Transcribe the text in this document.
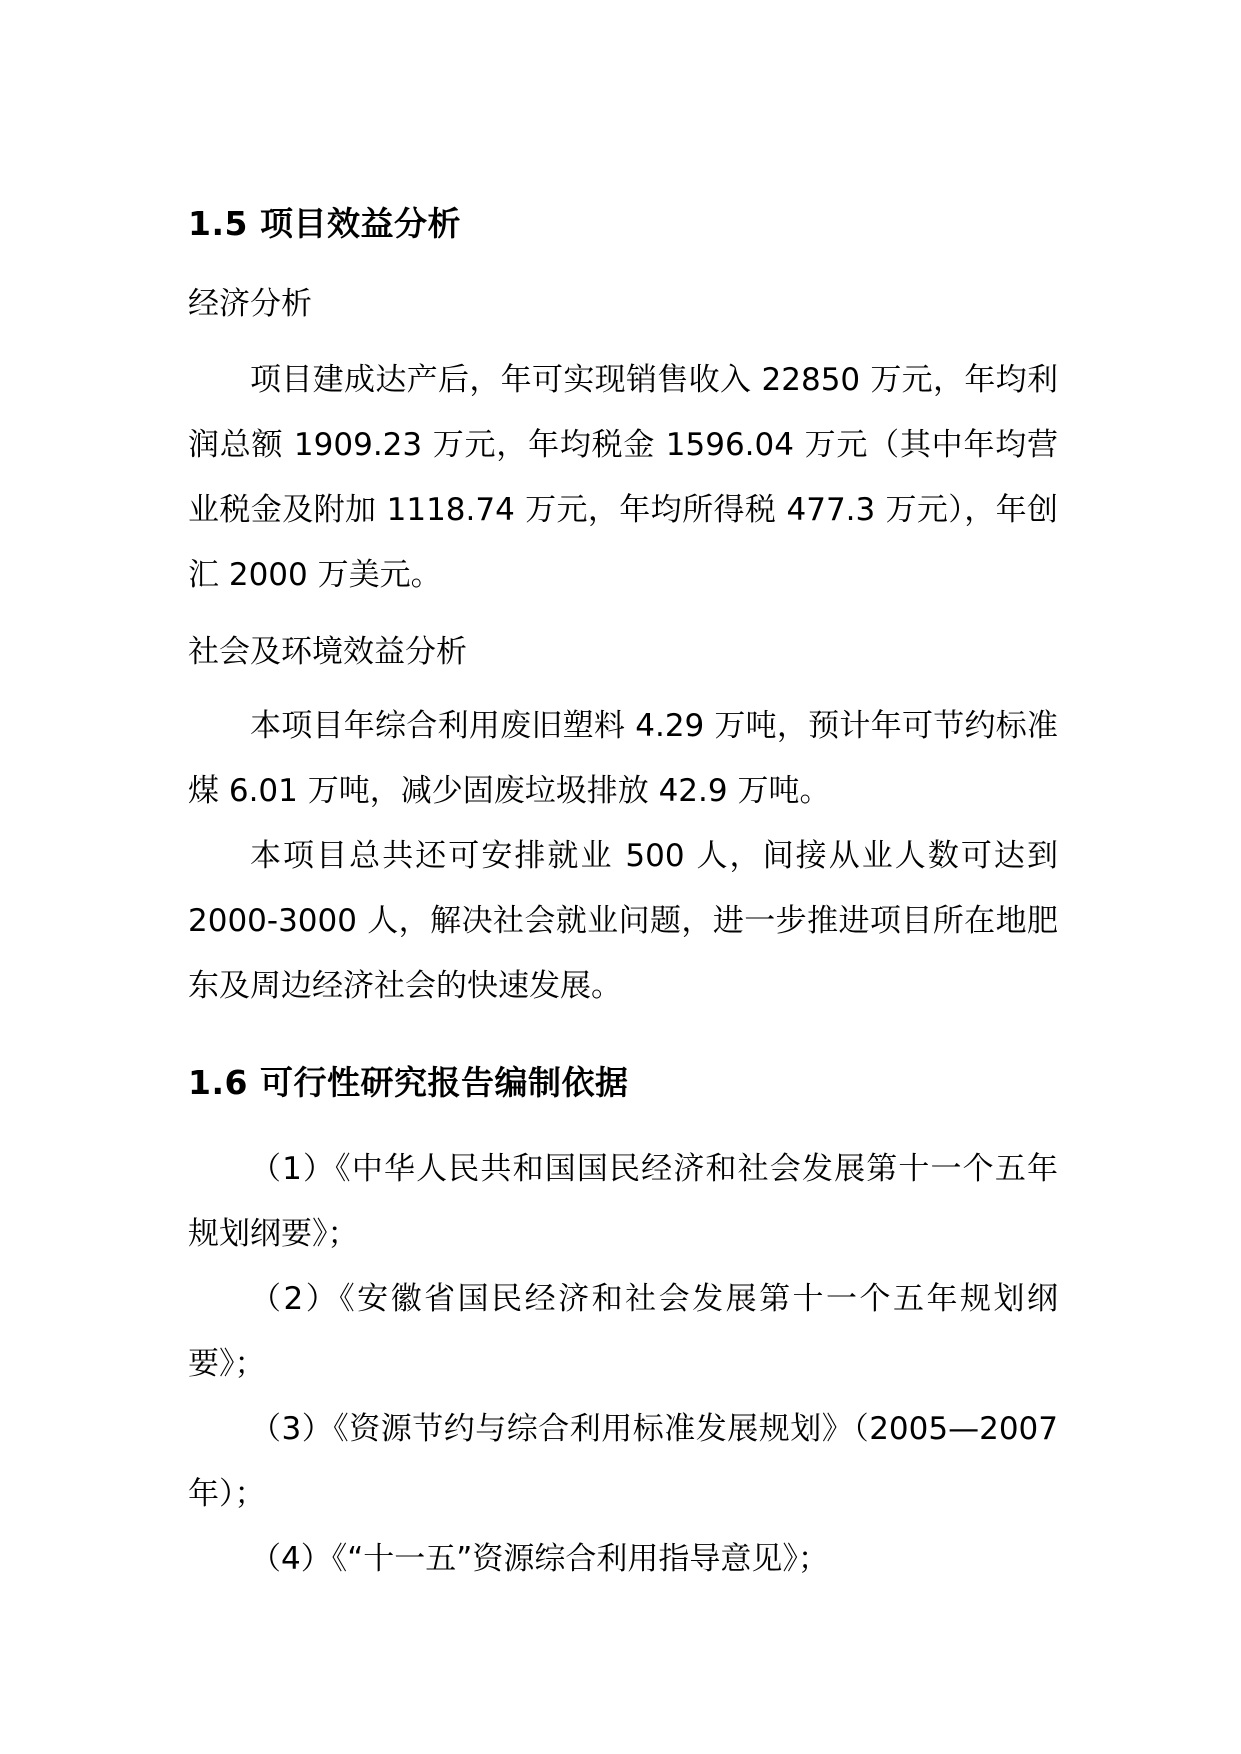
1.5 项目效益分析
经济分析

项目建成达产后，年可实现销售收入 22850 万元，年均利润总额 1909.23 万元，年均税金 1596.04 万元（其中年均营业税金及附加 1118.74 万元，年均所得税 477.3 万元），年创汇 2000 万美元。

社会及环境效益分析

本项目年综合利用废旧塑料 4.29 万吨，预计年可节约标准煤 6.01 万吨，减少固废垃圾排放 42.9 万吨。

本项目总共还可安排就业 500 人，间接从业人数可达到 2000-3000 人，解决社会就业问题，进一步推进项目所在地肥东及周边经济社会的快速发展。

1.6 可行性研究报告编制依据

（1）《中华人民共和国国民经济和社会发展第十一个五年规划纲要》；

（2）《安徽省国民经济和社会发展第十一个五年规划纲要》；

（3）《资源节约与综合利用标准发展规划》（2005—2007 年）；

（4）《“十一五”资源综合利用指导意见》；
